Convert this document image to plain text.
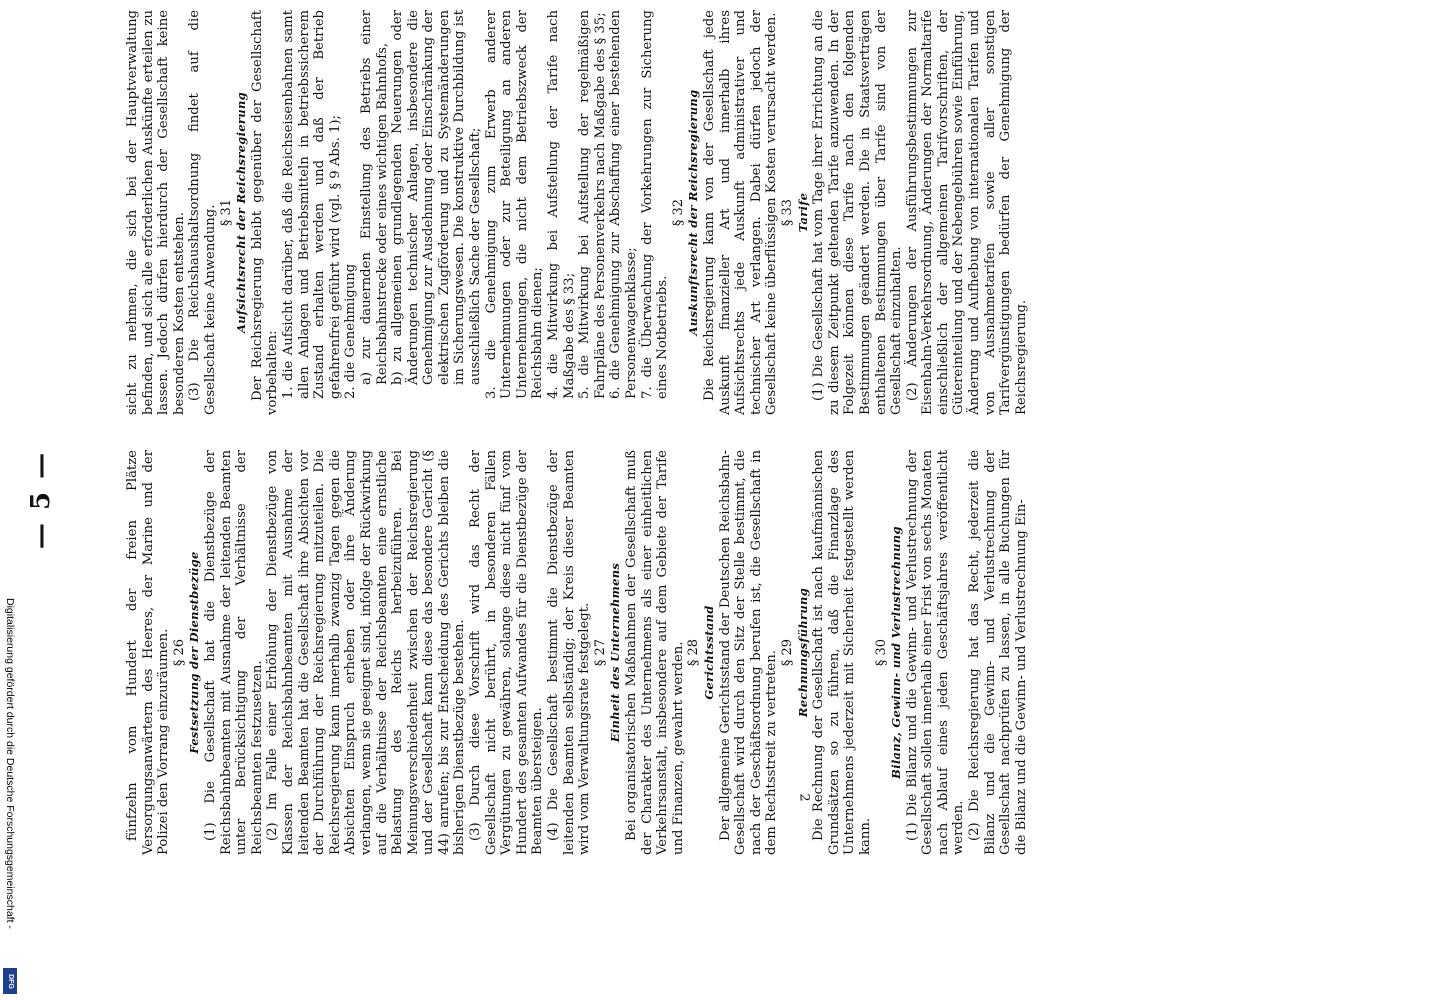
— 5 —	fünfzehn vom Hundert der freien Plätze Versorgungsanwärtern des Heeres, der Marine und der Polizei den Vorrang einzuräumen. § 26 Festsetzung der Dienstbezüge (1) Die Gesellschaft hat die Dienstbezüge der Reichsbahnbeamten mit Ausnahme der leitenden Beamten unter Berücksichtigung der Verhältnisse der Reichsbeamten festzusetzen. (2) Im Falle einer Erhöhung der Dienstbezüge von Klassen der Reichsbahnbeamten mit Ausnahme der leitenden Beamten hat die Gesellschaft ihre Absichten vor der Durchführung der Reichsregierung mitzuteilen. Die Reichsregierung kann innerhalb zwanzig Tagen gegen die Absichten Einspruch erheben oder ihre Änderung verlangen, wenn sie geeignet sind, infolge der Rückwirkung auf die Verhältnisse der Reichsbeamten eine ernstliche Belastung des Reichs herbeizuführen. Bei Meinungsverschiedenheit zwischen der Reichsregierung und der Gesellschaft kann diese das besondere Gericht (§ 44) anrufen; bis zur Entscheidung des Gerichts bleiben die bisherigen Dienstbezüge bestehen. (3) Durch diese Vorschrift wird das Recht der Gesellschaft nicht berührt, in besonderen Fällen Vergütungen zu gewähren, solange diese nicht fünf vom Hundert des gesamten Aufwandes für die Dienstbezüge der Beamten übersteigen. (4) Die Gesellschaft bestimmt die Dienstbezüge der leitenden Beamten selbständig; der Kreis dieser Beamten wird vom Verwaltungsrate festgelegt. § 27 Einheit des Unternehmens Bei organisatorischen Maßnahmen der Gesellschaft muß der Charakter des Unternehmens als einer einheitlichen Verkehrsanstalt, insbesondere auf dem Gebiete der Tarife und Finanzen, gewahrt werden. § 28 Gerichtsstand Der allgemeine Gerichtsstand der Deutschen Reichsbahn-Gesellschaft wird durch den Sitz der Stelle bestimmt, die nach der Geschäftsordnung berufen ist, die Gesellschaft in dem Rechtsstreit zu vertreten. § 29 Rechnungsführung Die Rechnung der Gesellschaft ist nach kaufmännischen Grundsätzen so zu führen, daß die Finanzlage des Unternehmens jederzeit mit Sicherheit festgestellt werden kann.

§ 30 Bilanz, Gewinn- und Verlustrechnung (1) Die Bilanz und die Gewinn- und Verlustrechnung der Gesellschaft sollen innerhalb einer Frist von sechs Monaten nach Ablauf eines jeden Geschäftsjahres veröffentlicht werden. (2) Die Reichsregierung hat das Recht, jederzeit die Bilanz und die Gewinn- und Verlustrechnung der Gesellschaft nachprüfen zu lassen, in alle Buchungen für die Bilanz und die Gewinn- und Verlustrechnung Ein-

sicht zu nehmen, die sich bei der Hauptverwaltung befinden, und sich alle erforderlichen Auskünfte erteilen zu lassen. Jedoch dürfen hierdurch der Gesellschaft keine besonderen Kosten entstehen. (3) Die Reichshaushaltsordnung findet auf die Gesellschaft keine Anwendung. § 31 Aufsichtsrecht der Reichsregierung Der Reichsregierung bleibt gegenüber der Gesellschaft vorbehalten: 1. die Aufsicht darüber, daß die Reichseisenbahnen samt allen Anlagen und Betriebsmitteln in betriebssicherem Zustand erhalten werden und daß der Betrieb gefahrenfrei geführt wird (vgl. § 9 Abs. 1); 2. die Genehmigung a) zur dauernden Einstellung des Betriebs einer Reichsbahnstrecke oder eines wichtigen Bahnhofs, b) zu allgemeinen grundlegenden Neuerungen oder Änderungen technischer Anlagen, insbesondere die Genehmigung zur Ausdehnung oder Einschränkung der elektrischen Zugförderung und zu Systemänderungen im Sicherungswesen. Die konstruktive Durchbildung ist ausschließlich Sache der Gesellschaft; 3. die Genehmigung zum Erwerb anderer Unternehmungen oder zur Beteiligung an anderen Unternehmungen, die nicht dem Betriebszweck der Reichsbahn dienen; 4. die Mitwirkung bei Aufstellung der Tarife nach Maßgabe des § 33; 5. die Mitwirkung bei Aufstellung der regelmäßigen Fahrpläne des Personenverkehrs nach Maßgabe des § 35; 6. die Genehmigung zur Abschaffung einer bestehenden Personenwagenklasse; 7. die Überwachung der Vorkehrungen zur Sicherung eines Notbetriebs.

§ 32 Auskunftsrecht der Reichsregierung Die Reichsregierung kann von der Gesellschaft jede Auskunft finanzieller Art und innerhalb ihres Aufsichtsrechts jede Auskunft administrativer und technischer Art verlangen. Dabei dürfen jedoch der Gesellschaft keine überflüssigen Kosten verursacht werden. § 33 Tarife (1) Die Gesellschaft hat vom Tage ihrer Errichtung an die zu diesem Zeitpunkt geltenden Tarife anzuwenden. In der Folgezeit können diese Tarife nach den folgenden Bestimmungen geändert werden. Die in Staatsverträgen enthaltenen Bestimmungen über Tarife sind von der Gesellschaft einzuhalten. (2) Änderungen der Ausführungsbestimmungen zur Eisenbahn-Verkehrsordnung, Änderungen der Normaltarife einschließlich der allgemeinen Tarifvorschriften, der Gütereinteilung und der Nebengebühren sowie Einführung, Änderung und Aufhebung von internationalen Tarifen und von Ausnahmetarifen sowie aller sonstigen Tarifvergünstigungen bedürfen der Genehmigung der Reichsregierung.

2
Digitalisierung gefördert durch die Deutsche Forschungsgemeinschaft -
DFG
